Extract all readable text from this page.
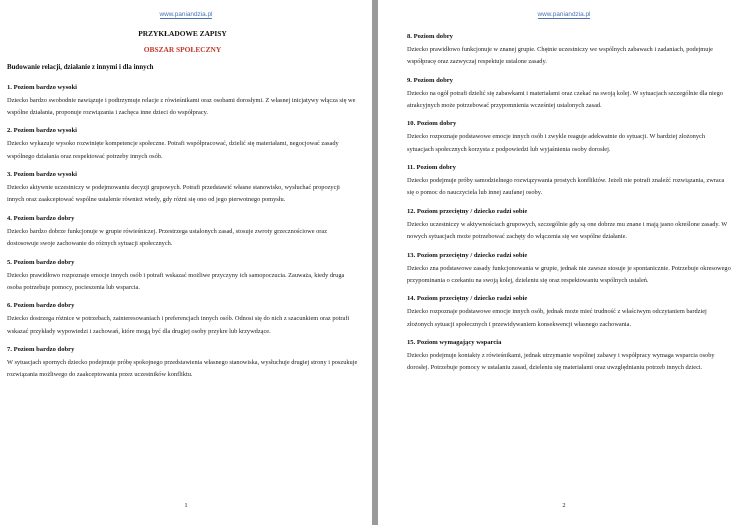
www.paniandzia.pl
PRZYKŁADOWE ZAPISY
OBSZAR SPOŁECZNY
Budowanie relacji, działanie z innymi i dla innych
1. Poziom bardzo wysoki
Dziecko bardzo swobodnie nawiązuje i podtrzymuje relacje z rówieśnikami oraz osobami dorosłymi. Z własnej inicjatywy włącza się we wspólne działania, proponuje rozwiązania i zachęca inne dzieci do współpracy.
2. Poziom bardzo wysoki
Dziecko wykazuje wysoko rozwinięte kompetencje społeczne. Potrafi współpracować, dzielić się materiałami, negocjować zasady wspólnego działania oraz respektować potrzeby innych osób.
3. Poziom bardzo wysoki
Dziecko aktywnie uczestniczy w podejmowaniu decyzji grupowych. Potrafi przedstawić własne stanowisko, wysłuchać propozycji innych oraz zaakceptować wspólne ustalenie również wtedy, gdy różni się ono od jego pierwotnego pomysłu.
4. Poziom bardzo dobry
Dziecko bardzo dobrze funkcjonuje w grupie rówieśniczej. Przestrzega ustalonych zasad, stosuje zwroty grzecznościowe oraz dostosowuje swoje zachowanie do różnych sytuacji społecznych.
5. Poziom bardzo dobry
Dziecko prawidłowo rozpoznaje emocje innych osób i potrafi wskazać możliwe przyczyny ich samopoczucia. Zauważa, kiedy druga osoba potrzebuje pomocy, pocieszenia lub wsparcia.
6. Poziom bardzo dobry
Dziecko dostrzega różnice w potrzebach, zainteresowaniach i preferencjach innych osób. Odnosi się do nich z szacunkiem oraz potrafi wskazać przykłady wypowiedzi i zachowań, które mogą być dla drugiej osoby przykre lub krzywdzące.
7. Poziom bardzo dobry
W sytuacjach spornych dziecko podejmuje próbę spokojnego przedstawienia własnego stanowiska, wysłuchuje drugiej strony i poszukuje rozwiązania możliwego do zaakceptowania przez uczestników konfliktu.
1
www.paniandzia.pl
8. Poziom dobry
Dziecko prawidłowo funkcjonuje w znanej grupie. Chętnie uczestniczy we wspólnych zabawach i zadaniach, podejmuje współpracę oraz zazwyczaj respektuje ustalone zasady.
9. Poziom dobry
Dziecko na ogół potrafi dzielić się zabawkami i materiałami oraz czekać na swoją kolej. W sytuacjach szczególnie dla niego atrakcyjnych może potrzebować przypomnienia wcześniej ustalonych zasad.
10. Poziom dobry
Dziecko rozpoznaje podstawowe emocje innych osób i zwykle reaguje adekwatnie do sytuacji. W bardziej złożonych sytuacjach społecznych korzysta z podpowiedzi lub wyjaśnienia osoby dorosłej.
11. Poziom dobry
Dziecko podejmuje próby samodzielnego rozwiązywania prostych konfliktów. Jeżeli nie potrafi znaleźć rozwiązania, zwraca się o pomoc do nauczyciela lub innej zaufanej osoby.
12. Poziom przeciętny / dziecko radzi sobie
Dziecko uczestniczy w aktywnościach grupowych, szczególnie gdy są one dobrze mu znane i mają jasno określone zasady. W nowych sytuacjach może potrzebować zachęty do włączenia się we wspólne działanie.
13. Poziom przeciętny / dziecko radzi sobie
Dziecko zna podstawowe zasady funkcjonowania w grupie, jednak nie zawsze stosuje je spontanicznie. Potrzebuje okresowego przypominania o czekaniu na swoją kolej, dzieleniu się oraz respektowaniu wspólnych ustaleń.
14. Poziom przeciętny / dziecko radzi sobie
Dziecko rozpoznaje podstawowe emocje innych osób, jednak może mieć trudność z właściwym odczytaniem bardziej złożonych sytuacji społecznych i przewidywaniem konsekwencji własnego zachowania.
15. Poziom wymagający wsparcia
Dziecko podejmuje kontakty z rówieśnikami, jednak utrzymanie wspólnej zabawy i współpracy wymaga wsparcia osoby dorosłej. Potrzebuje pomocy w ustalaniu zasad, dzieleniu się materiałami oraz uwzględnianiu potrzeb innych dzieci.
2
